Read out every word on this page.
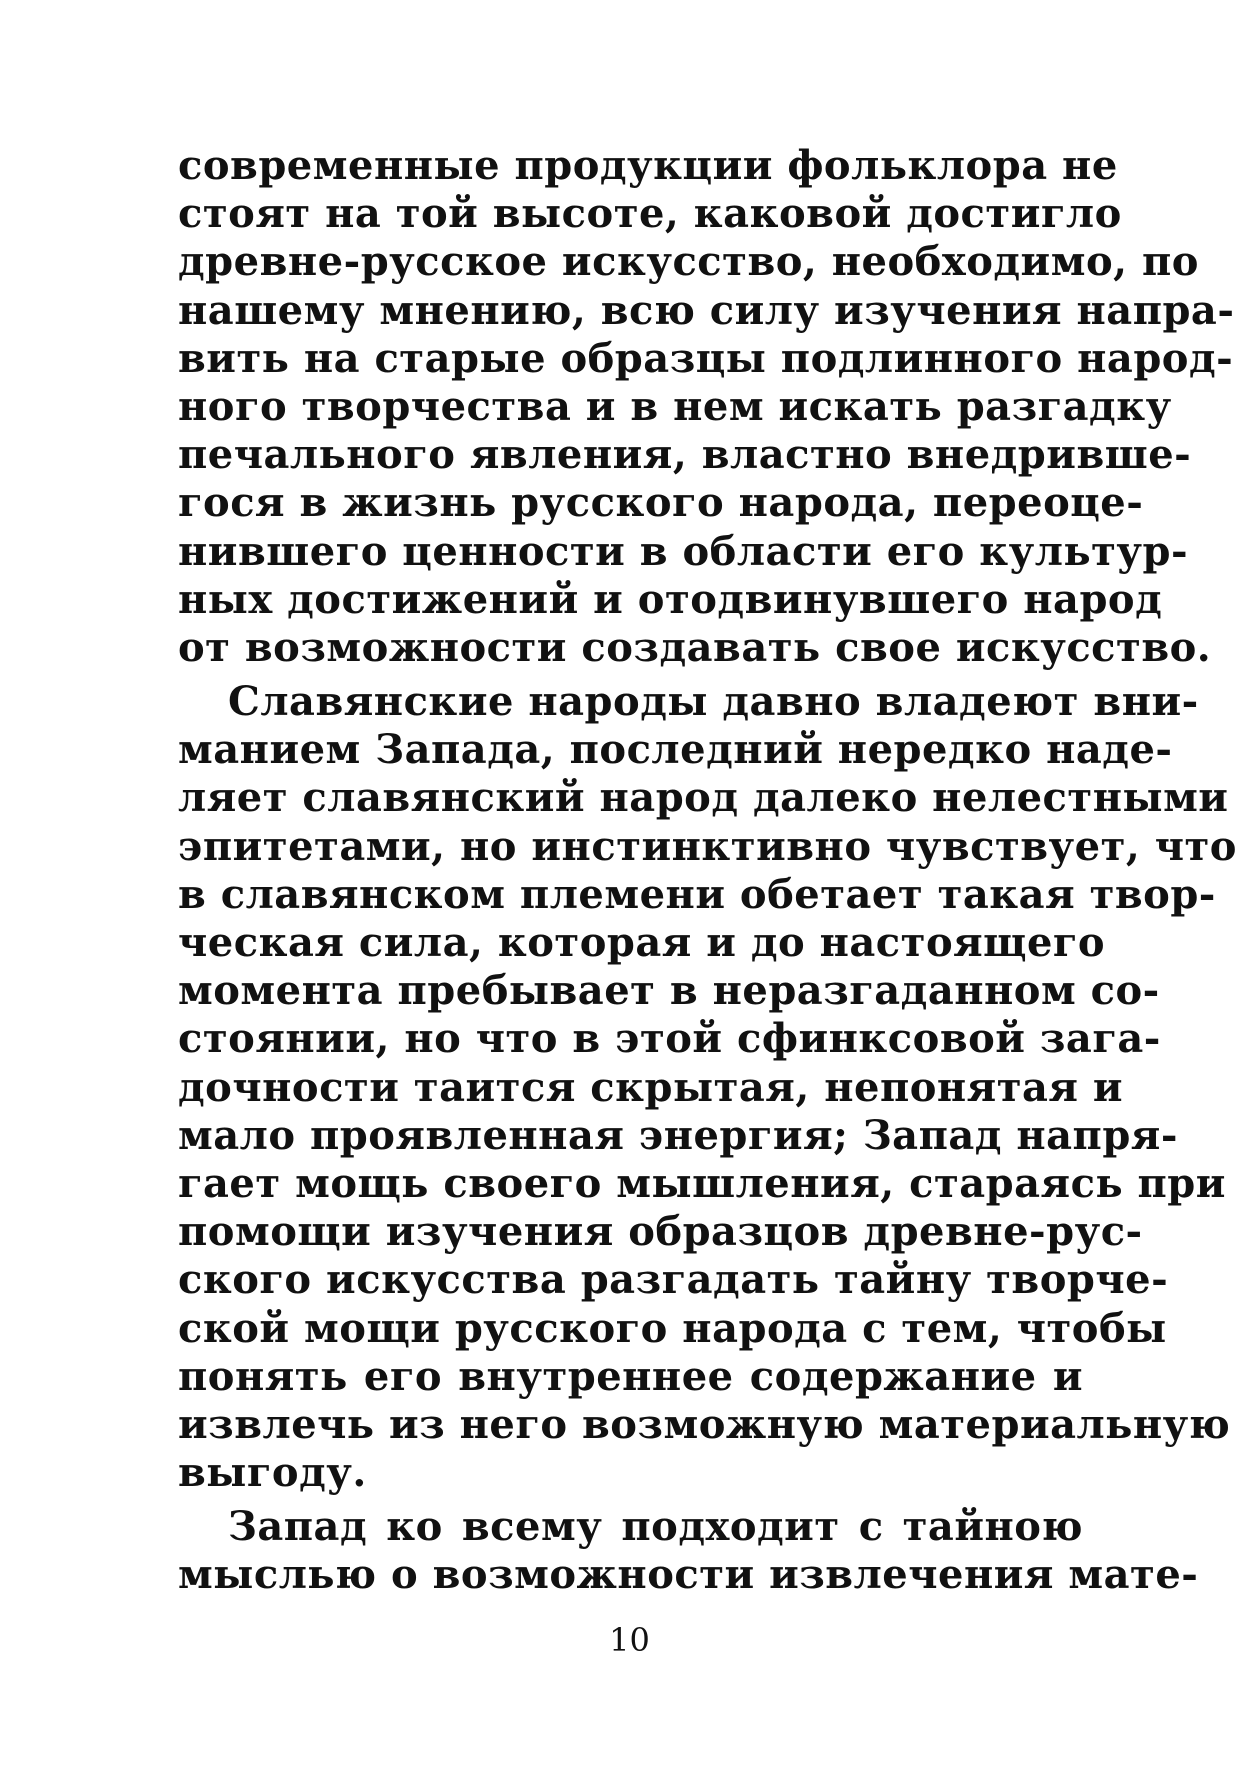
современные продукции фольклора не
стоят на той высоте, каковой достигло
древне-русское искусство, необходимо, по
нашему мнению, всю силу изучения напра-
вить на старые образцы подлинного народ-
ного творчества и в нем искать разгадку
печального явления, властно внедривше-
гося в жизнь русского народа, переоце-
нившего ценности в области его культур-
ных достижений и отодвинувшего народ
от возможности создавать свое искусство.
Славянские народы давно владеют вни-
манием Запада, последний нередко наде-
ляет славянский народ далеко нелестными
эпитетами, но инстинктивно чувствует, что
в славянском племени обетает такая твор-
ческая сила, которая и до настоящего
момента пребывает в неразгаданном со-
стоянии, но что в этой сфинксовой зага-
дочности таится скрытая, непонятая и
мало проявленная энергия; Запад напря-
гает мощь своего мышления, стараясь при
помощи изучения образцов древне-рус-
ского искусства разгадать тайну творче-
ской мощи русского народа с тем, чтобы
понять его внутреннее содержание и
извлечь из него возможную материальную
выгоду.
Запад ко всему подходит с тайною
мыслью о возможности извлечения мате-
10
